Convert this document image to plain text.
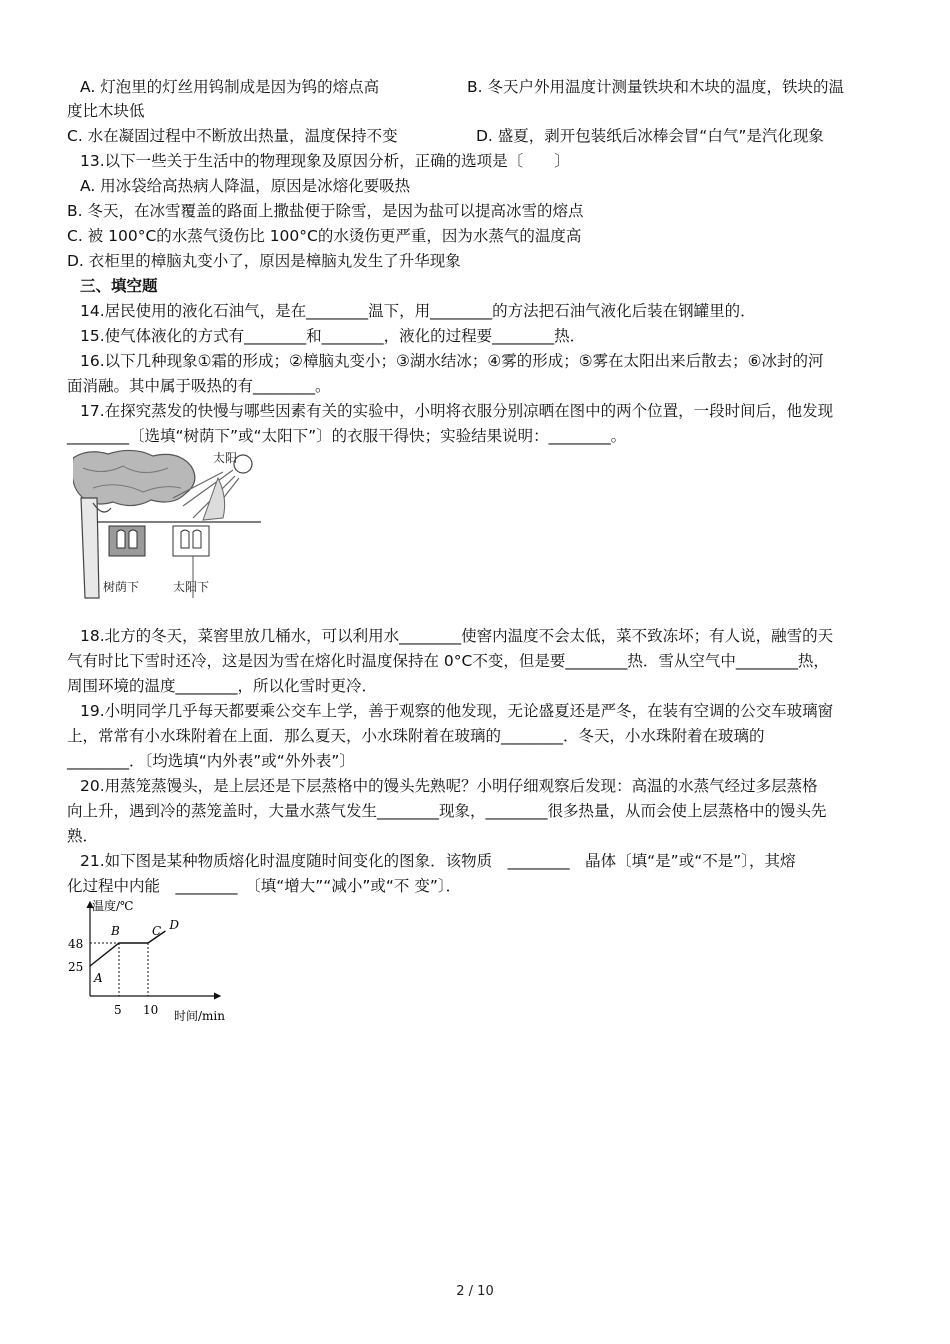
A. 灯泡里的灯丝用钨制成是因为钨的熔点高	B. 冬天户外用温度计测量铁块和木块的温度，铁块的温
度比木块低
C. 水在凝固过程中不断放出热量，温度保持不变	D. 盛夏，剥开包装纸后冰棒会冒“白气”是汽化现象
13.以下一些关于生活中的物理现象及原因分析，正确的选项是〔　　〕
A. 用冰袋给高热病人降温，原因是冰熔化要吸热
B. 冬天，在冰雪覆盖的路面上撒盐便于除雪，是因为盐可以提高冰雪的熔点
C. 被 100°C的水蒸气烫伤比 100°C的水烫伤更严重，因为水蒸气的温度高
D. 衣柜里的樟脑丸变小了，原因是樟脑丸发生了升华现象
三、填空题
14.居民使用的液化石油气，是在________温下，用________的方法把石油气液化后装在钢罐里的．
15.使气体液化的方式有________和________，液化的过程要________热．
16.以下几种现象①霜的形成；②樟脑丸变小；③湖水结冰；④雾的形成；⑤雾在太阳出来后散去；⑥冰封的河
面消融。其中属于吸热的有________。
17.在探究蒸发的快慢与哪些因素有关的实验中，小明将衣服分别凉晒在图中的两个位置，一段时间后，他发现
________〔选填“树荫下”或“太阳下”〕的衣服干得快；实验结果说明：________。
太阳
树荫下	太阳下
18.北方的冬天，菜窖里放几桶水，可以利用水________使窖内温度不会太低，菜不致冻坏；有人说，融雪的天
气有时比下雪时还冷，这是因为雪在熔化时温度保持在 0°C不变，但是要________热．雪从空气中________热，
周围环境的温度________，所以化雪时更冷．
19.小明同学几乎每天都要乘公交车上学，善于观察的他发现，无论盛夏还是严冬，在装有空调的公交车玻璃窗
上，常常有小水珠附着在上面．那么夏天，小水珠附着在玻璃的________．冬天，小水珠附着在玻璃的
________．〔均选填“内外表”或“外外表”〕
20.用蒸笼蒸馒头，是上层还是下层蒸格中的馒头先熟呢？小明仔细观察后发现：高温的水蒸气经过多层蒸格
向上升，遇到冷的蒸笼盖时，大量水蒸气发生________现象，________很多热量，从而会使上层蒸格中的馒头先
熟．
21.如下图是某种物质熔化时温度随时间变化的图象．该物质　________　晶体〔填“是”或“不是”〕，其熔
化过程中内能　________　〔填“增大”“减小”或“不 变”〕．
温度/℃
时间/min
A
B	C D
25
48
5 10
2 / 10
